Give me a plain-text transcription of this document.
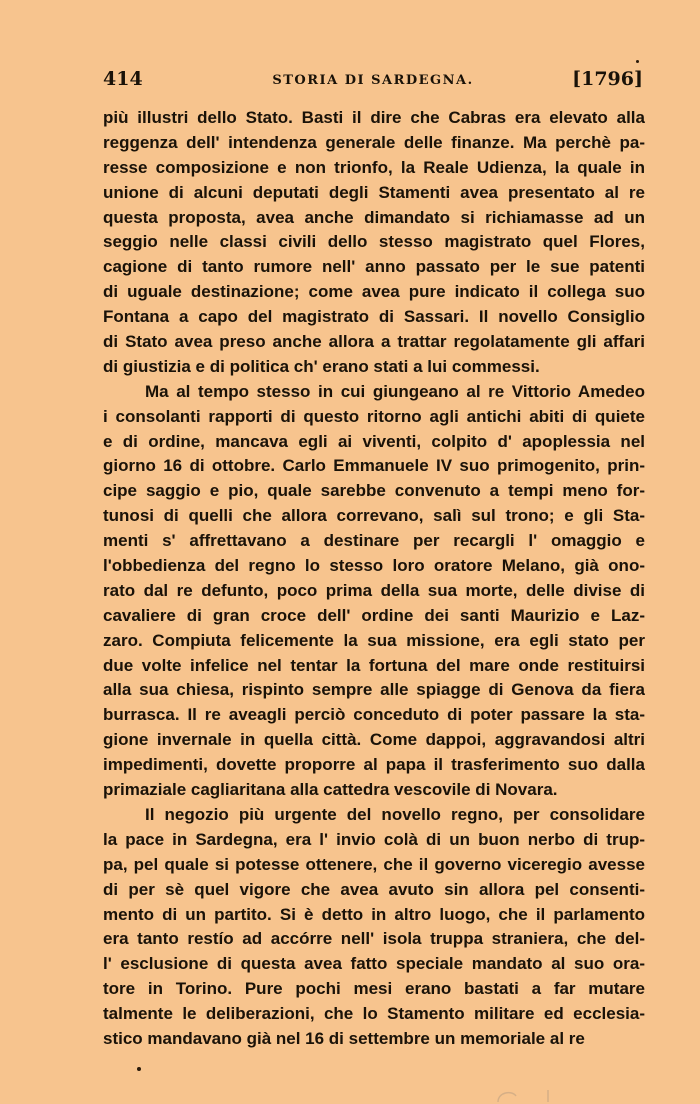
414	STORIA DI SARDEGNA.	[1796]
più illustri dello Stato. Basti il dire che Cabras era elevato alla
reggenza dell' intendenza generale delle finanze. Ma perchè pa-
resse composizione e non trionfo, la Reale Udienza, la quale in
unione di alcuni deputati degli Stamenti avea presentato al re
questa proposta, avea anche dimandato si richiamasse ad un
seggio nelle classi civili dello stesso magistrato quel Flores,
cagione di tanto rumore nell' anno passato per le sue patenti
di uguale destinazione; come avea pure indicato il collega suo
Fontana a capo del magistrato di Sassari. Il novello Consiglio
di Stato avea preso anche allora a trattar regolatamente gli affari
di giustizia e di politica ch' erano stati a lui commessi.
Ma al tempo stesso in cui giungeano al re Vittorio Amedeo
i consolanti rapporti di questo ritorno agli antichi abiti di quiete
e di ordine, mancava egli ai viventi, colpito d' apoplessia nel
giorno 16 di ottobre. Carlo Emmanuele IV suo primogenito, prin-
cipe saggio e pio, quale sarebbe convenuto a tempi meno for-
tunosi di quelli che allora correvano, salì sul trono; e gli Sta-
menti s' affrettavano a destinare per recargli l' omaggio e
l'obbedienza del regno lo stesso loro oratore Melano, già ono-
rato dal re defunto, poco prima della sua morte, delle divise di
cavaliere di gran croce dell' ordine dei santi Maurizio e Laz-
zaro. Compiuta felicemente la sua missione, era egli stato per
due volte infelice nel tentar la fortuna del mare onde restituirsi
alla sua chiesa, rispinto sempre alle spiagge di Genova da fiera
burrasca. Il re aveagli perciò conceduto di poter passare la sta-
gione invernale in quella città. Come dappoi, aggravandosi altri
impedimenti, dovette proporre al papa il trasferimento suo dalla
primaziale cagliaritana alla cattedra vescovile di Novara.
Il negozio più urgente del novello regno, per consolidare
la pace in Sardegna, era l' invio colà di un buon nerbo di trup-
pa, pel quale si potesse ottenere, che il governo viceregio avesse
di per sè quel vigore che avea avuto sin allora pel consenti-
mento di un partito. Si è detto in altro luogo, che il parlamento
era tanto restío ad accórre nell' isola truppa straniera, che del-
l' esclusione di questa avea fatto speciale mandato al suo ora-
tore in Torino. Pure pochi mesi erano bastati a far mutare
talmente le deliberazioni, che lo Stamento militare ed ecclesia-
stico mandavano già nel 16 di settembre un memoriale al re
